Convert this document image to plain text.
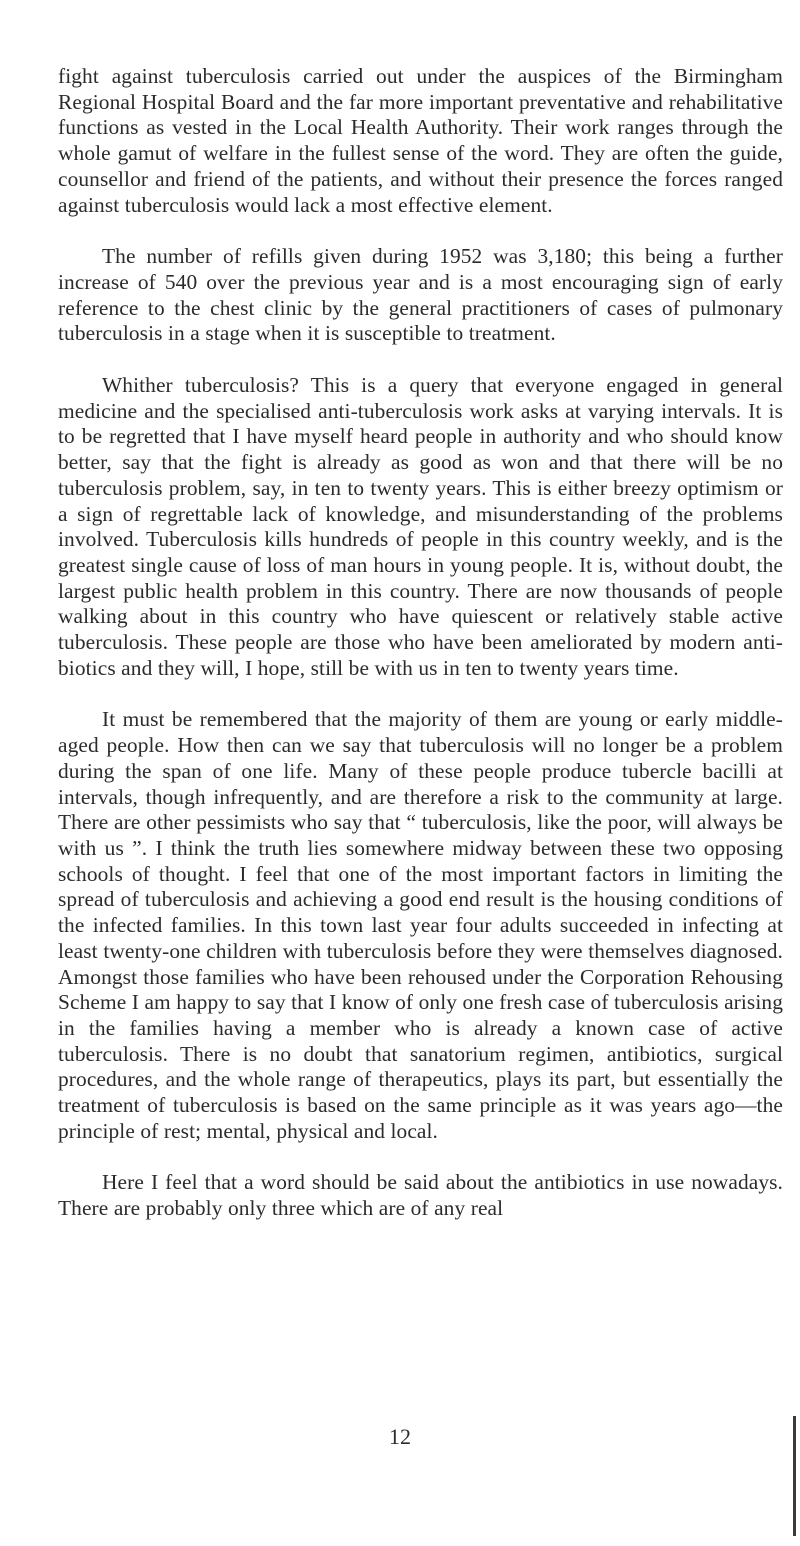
fight against tuberculosis carried out under the auspices of the Birmingham Regional Hospital Board and the far more important preventative and rehabilitative functions as vested in the Local Health Authority. Their work ranges through the whole gamut of welfare in the fullest sense of the word. They are often the guide, counsellor and friend of the patients, and without their presence the forces ranged against tuberculosis would lack a most effective element.

The number of refills given during 1952 was 3,180; this being a further increase of 540 over the previous year and is a most encouraging sign of early reference to the chest clinic by the general practitioners of cases of pulmonary tuberculosis in a stage when it is susceptible to treatment.

Whither tuberculosis? This is a query that everyone engaged in general medicine and the specialised anti-tuberculosis work asks at varying intervals. It is to be regretted that I have myself heard people in authority and who should know better, say that the fight is already as good as won and that there will be no tuberculosis problem, say, in ten to twenty years. This is either breezy optimism or a sign of regrettable lack of knowledge, and misunderstanding of the problems involved. Tuberculosis kills hundreds of people in this country weekly, and is the greatest single cause of loss of man hours in young people. It is, without doubt, the largest public health problem in this country. There are now thousands of people walking about in this country who have quiescent or relatively stable active tuberculosis. These people are those who have been ameliorated by modern anti-biotics and they will, I hope, still be with us in ten to twenty years time.

It must be remembered that the majority of them are young or early middle-aged people. How then can we say that tuberculosis will no longer be a problem during the span of one life. Many of these people produce tubercle bacilli at intervals, though infrequently, and are therefore a risk to the community at large. There are other pessimists who say that “ tuberculosis, like the poor, will always be with us ”. I think the truth lies somewhere midway between these two opposing schools of thought. I feel that one of the most important factors in limiting the spread of tuberculosis and achieving a good end result is the housing conditions of the infected families. In this town last year four adults succeeded in infecting at least twenty-one children with tuberculosis before they were themselves diagnosed. Amongst those families who have been rehoused under the Corporation Rehousing Scheme I am happy to say that I know of only one fresh case of tuberculosis arising in the families having a member who is already a known case of active tuberculosis. There is no doubt that sanatorium regimen, antibiotics, surgical procedures, and the whole range of therapeutics, plays its part, but essentially the treatment of tuberculosis is based on the same principle as it was years ago—the principle of rest; mental, physical and local.

Here I feel that a word should be said about the antibiotics in use nowadays. There are probably only three which are of any real

12
